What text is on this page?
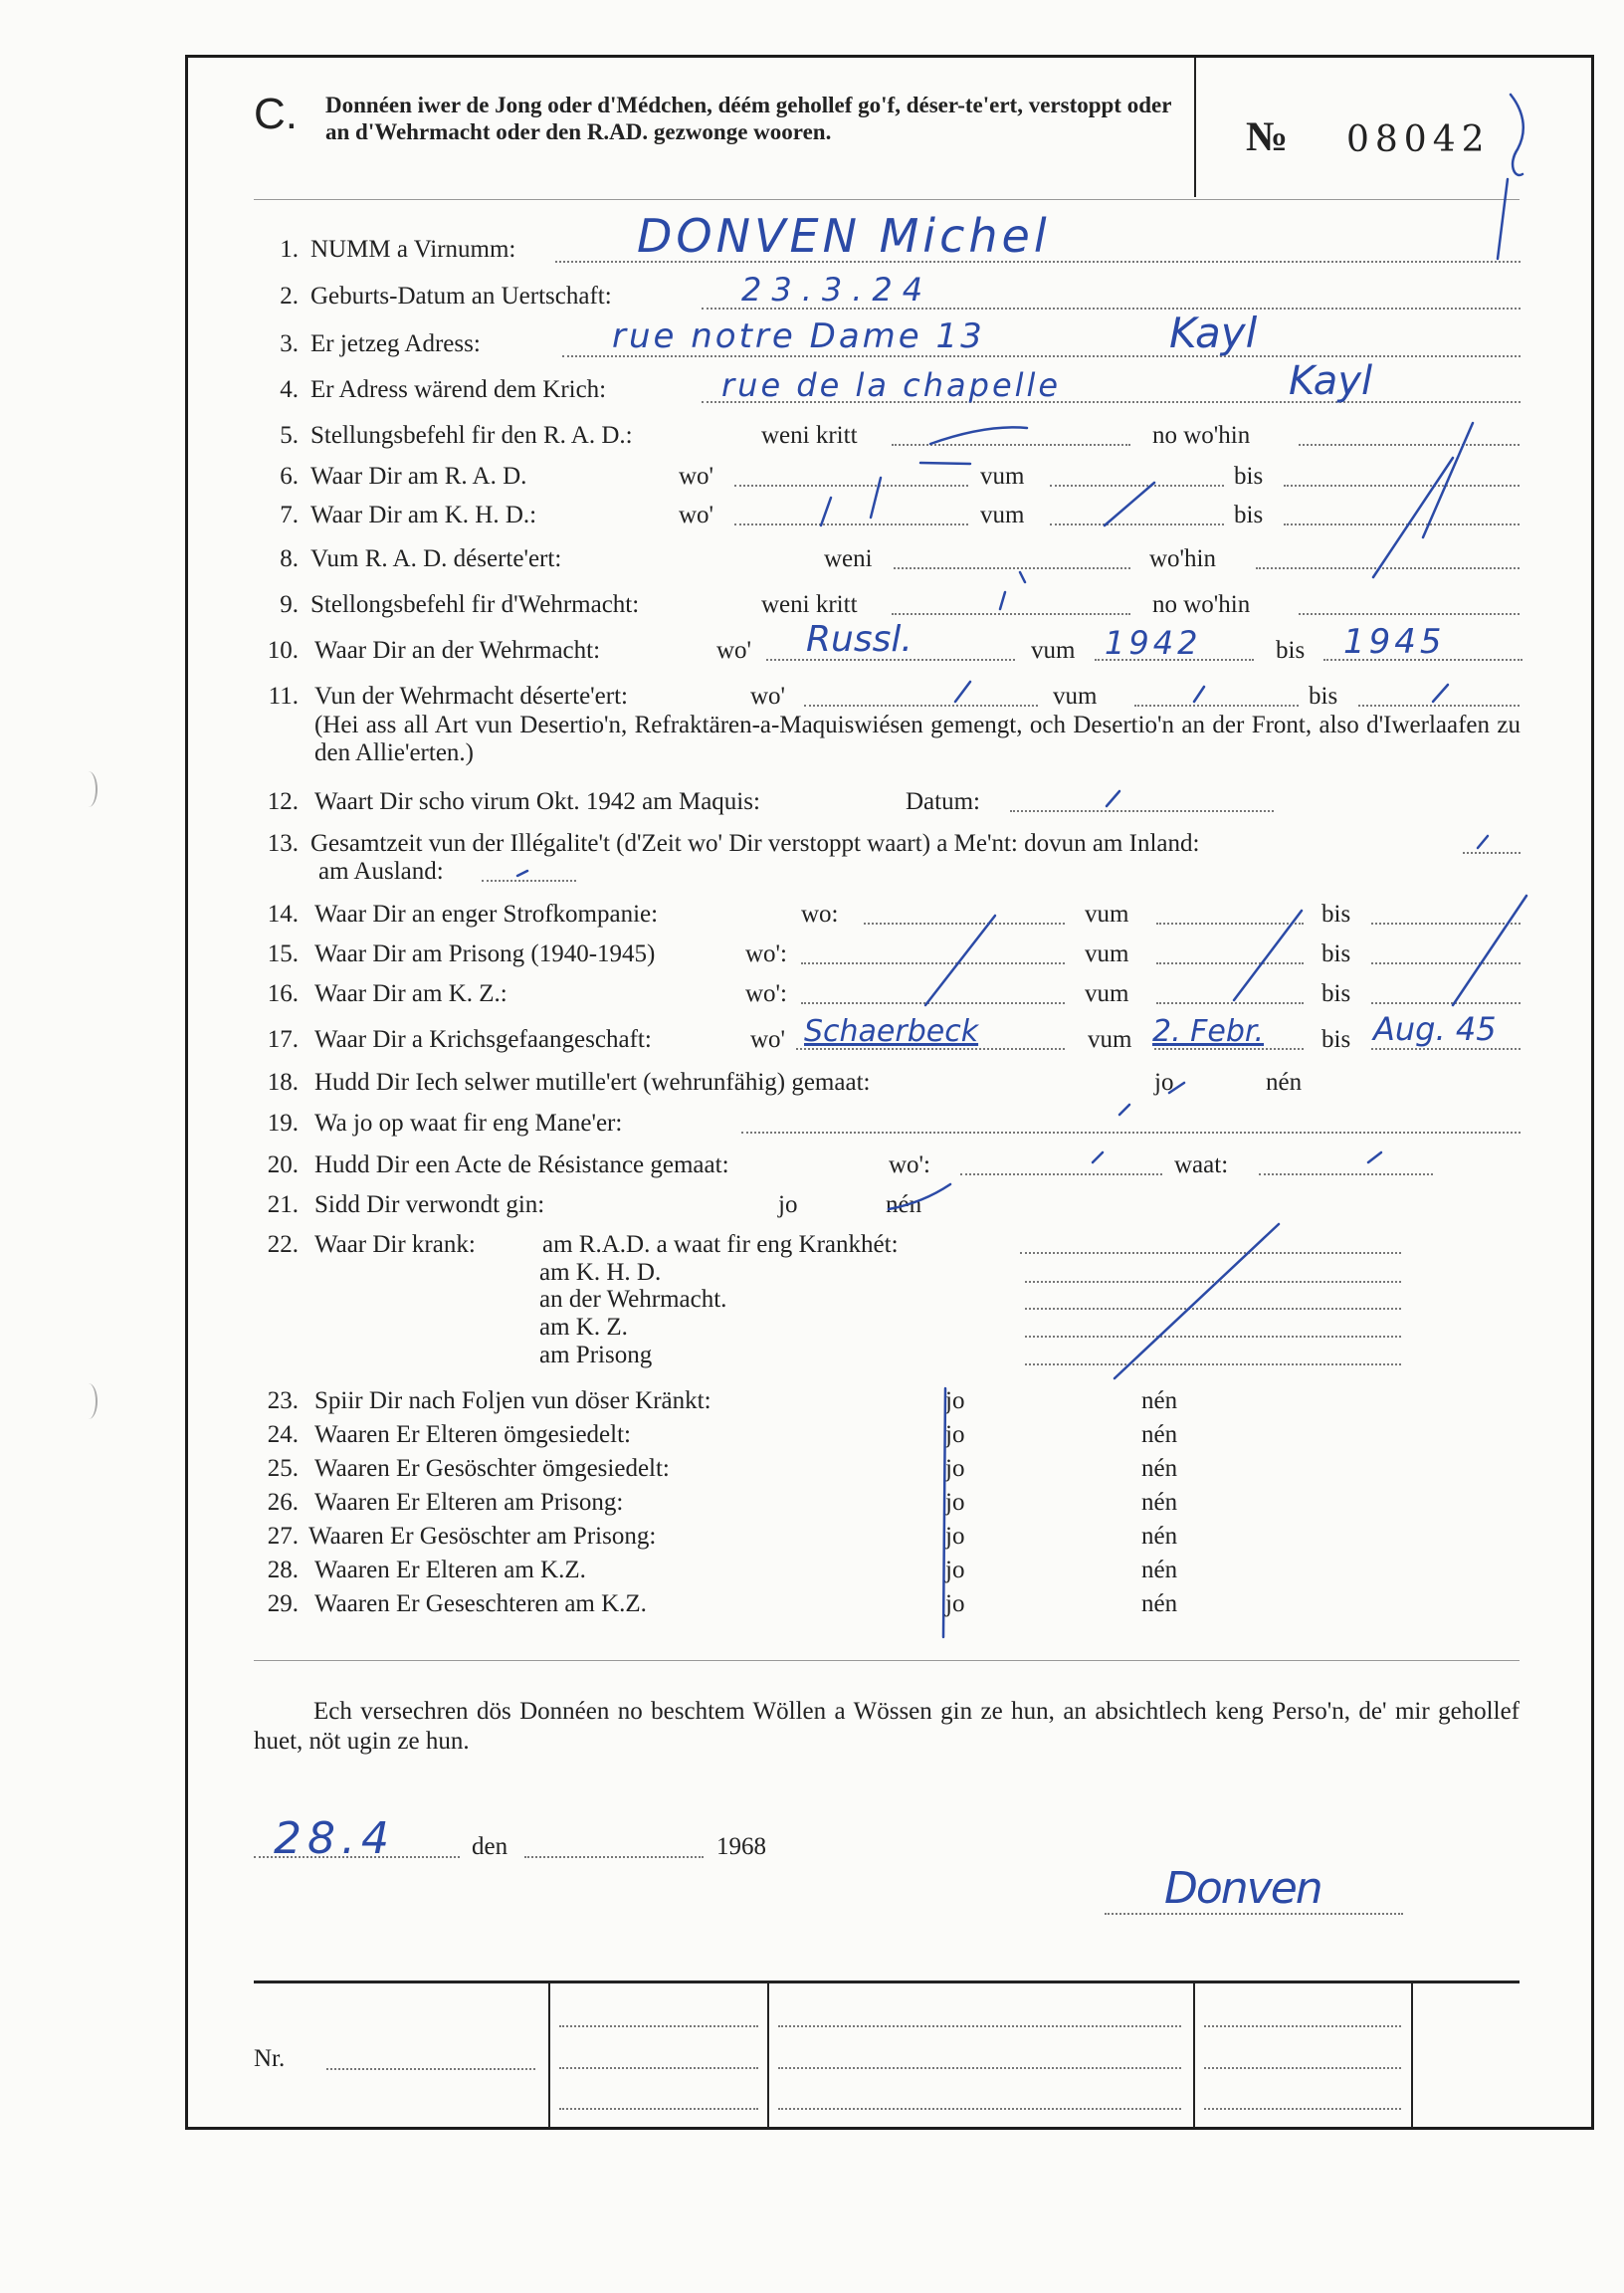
C. Donnéen iwer de Jong oder d'Médchen, déém gehollef go'f, déser-te'ert, verstoppt oder an d'Wehrmacht oder den R.AD. gezwonge wooren.	№ 08042
1. NUMM a Virnumm:	DONVEN Michel
2. Geburts-Datum an Uertschaft:	23.3.24
3. Er jetzeg Adress:	rue notre Dame 13	Kayl
4. Er Adress wärend dem Krich:	rue de la chapelle	Kayl
5. Stellungsbefehl fir den R. A. D.:	weni kritt	no wo'hin
6. Waar Dir am R. A. D.	wo'	vum	bis
7. Waar Dir am K. H. D.:	wo'	vum	bis
8. Vum R. A. D. déserte'ert:	weni	wo'hin
9. Stellongsbefehl fir d'Wehrmacht:	weni kritt	no wo'hin
10. Waar Dir an der Wehrmacht:	wo' Russl.	vum 1942	bis 1945
11. Vun der Wehrmacht déserte'ert:	wo'	vum	bis
(Hei ass all Art vun Desertio'n, Refraktären-a-Maquiswiésen gemengt, och Desertio'n an der Front, also d'Iwerlaafen zu den Allie'erten.)
12. Waart Dir scho virum Okt. 1942 am Maquis:	Datum:
13. Gesamtzeit vun der Illégalite't (d'Zeit wo' Dir verstoppt waart) a Me'nt: dovun am Inland:
am Ausland:
14. Waar Dir an enger Strofkompanie:	wo:	vum	bis
15. Waar Dir am Prisong (1940-1945)	wo':	vum	bis
16. Waar Dir am K. Z.:	wo':	vum	bis
17. Waar Dir a Krichsgefaangeschaft:	wo' Schaerbeck	vum 2. Febr. bis Aug. 45
18. Hudd Dir Iech selwer mutille'ert (wehrunfähig) gemaat:	jo	nén
19. Wa jo op waat fir eng Mane'er:
20. Hudd Dir een Acte de Résistance gemaat:	wo':	waat:
21. Sidd Dir verwondt gin:	jo	nén
22. Waar Dir krank:	am R.A.D. a waat fir eng Krankhét:
am K. H. D.
an der Wehrmacht.
am K. Z.
am Prisong
23. Spiir Dir nach Foljen vun döser Kränkt:	jo	nén
24. Waaren Er Elteren ömgesiedelt:	jo	nén
25. Waaren Er Gesöschter ömgesiedelt:	jo	nén
26. Waaren Er Elteren am Prisong:	jo	nén
27. Waaren Er Gesöschter am Prisong:	jo	nén
28. Waaren Er Elteren am K.Z.	jo	nén
29. Waaren Er Geseschteren am K.Z.	jo	nén
Ech versechren dös Donnéen no beschtem Wöllen a Wössen gin ze hun, an absichtlech keng Perso'n, de' mir gehollef huet, nöt ugin ze hun.
28.4	den	1968
Donven
Nr.
